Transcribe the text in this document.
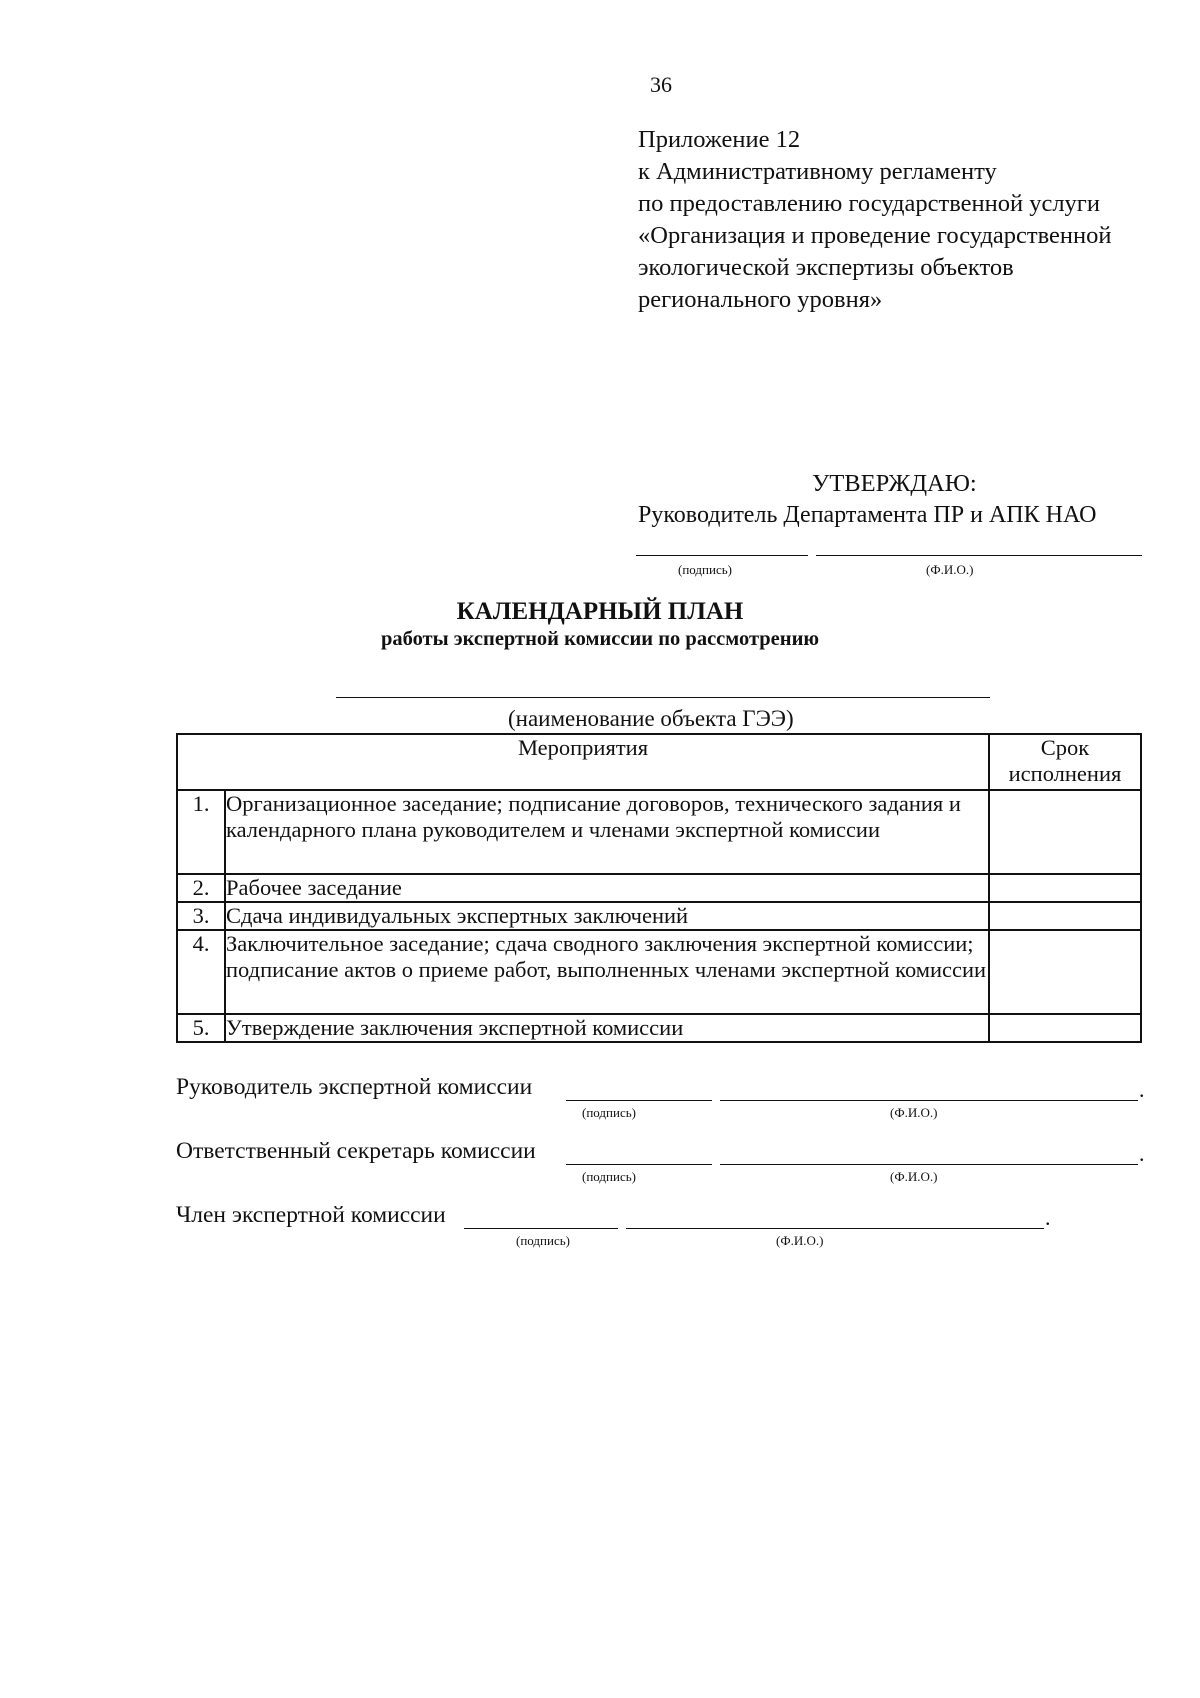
36
Приложение 12
к Административному регламенту
по предоставлению государственной услуги
«Организация и проведение государственной
экологической экспертизы объектов
регионального уровня»
УТВЕРЖДАЮ:
Руководитель Департамента ПР и АПК НАО
(подпись)	(Ф.И.О.)
КАЛЕНДАРНЫЙ ПЛАН
работы экспертной комиссии по рассмотрению
(наименование объекта ГЭЭ)
Мероприятия		Срок
исполнения

1.	Организационное заседание; подписание договоров, технического задания и календарного плана руководителем и членами экспертной комиссии	
2.	Рабочее заседание	
3.	Сдача индивидуальных экспертных заключений	
4.	Заключительное заседание; сдача сводного заключения экспертной комиссии; подписание актов о приеме работ, выполненных членами экспертной комиссии	
5.	Утверждение заключения экспертной комиссии	
Руководитель экспертной комиссии	.
(подпись)	(Ф.И.О.)
Ответственный секретарь комиссии	.
(подпись)	(Ф.И.О.)
Член экспертной комиссии	.
(подпись)	(Ф.И.О.)
